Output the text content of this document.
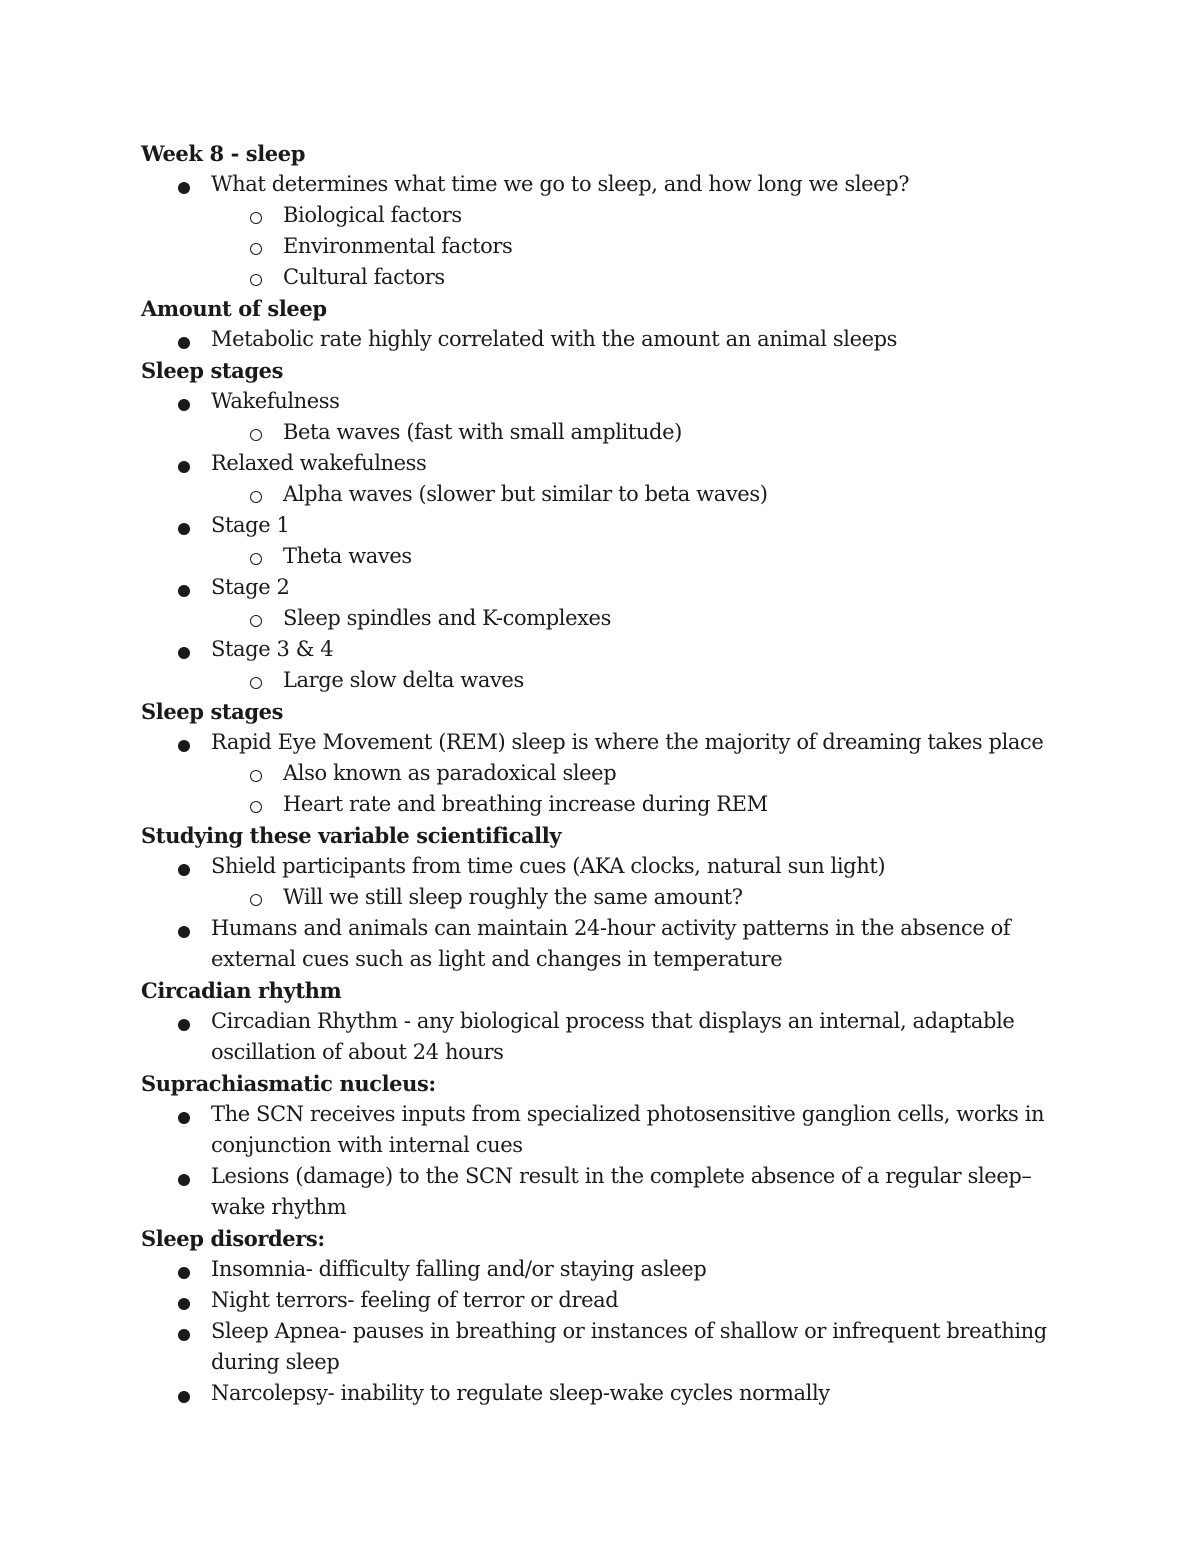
Week 8 - sleep
What determines what time we go to sleep, and how long we sleep?
Biological factors
Environmental factors
Cultural factors
Amount of sleep
Metabolic rate highly correlated with the amount an animal sleeps
Sleep stages
Wakefulness
Beta waves (fast with small amplitude)
Relaxed wakefulness
Alpha waves (slower but similar to beta waves)
Stage 1
Theta waves
Stage 2
Sleep spindles and K-complexes
Stage 3 & 4
Large slow delta waves
Sleep stages
Rapid Eye Movement (REM) sleep is where the majority of dreaming takes place
Also known as paradoxical sleep
Heart rate and breathing increase during REM
Studying these variable scientifically
Shield participants from time cues (AKA clocks, natural sun light)
Will we still sleep roughly the same amount?
Humans and animals can maintain 24-hour activity patterns in the absence of external cues such as light and changes in temperature
Circadian rhythm
Circadian Rhythm - any biological process that displays an internal, adaptable oscillation of about 24 hours
Suprachiasmatic nucleus:
The SCN receives inputs from specialized photosensitive ganglion cells, works in conjunction with internal cues
Lesions (damage) to the SCN result in the complete absence of a regular sleep– wake rhythm
Sleep disorders:
Insomnia- difficulty falling and/or staying asleep
Night terrors- feeling of terror or dread
Sleep Apnea- pauses in breathing or instances of shallow or infrequent breathing during sleep
Narcolepsy- inability to regulate sleep-wake cycles normally
